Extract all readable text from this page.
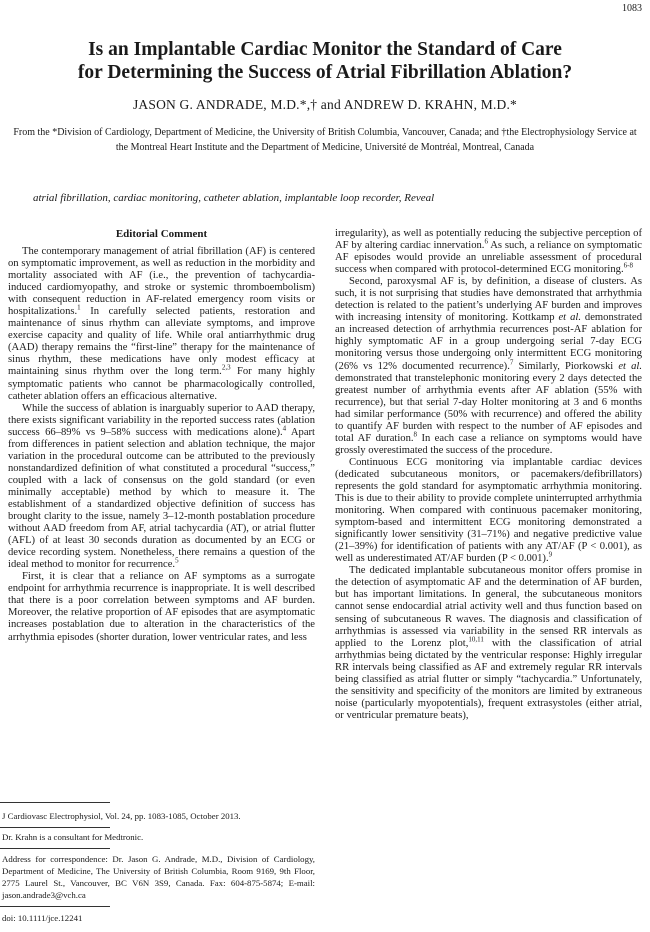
1083
Is an Implantable Cardiac Monitor the Standard of Care
for Determining the Success of Atrial Fibrillation Ablation?
JASON G. ANDRADE, M.D.*,† and ANDREW D. KRAHN, M.D.*
From the *Division of Cardiology, Department of Medicine, the University of British Columbia, Vancouver, Canada; and †the Electrophysiology Service at the Montreal Heart Institute and the Department of Medicine, Université de Montréal, Montreal, Canada
atrial fibrillation, cardiac monitoring, catheter ablation, implantable loop recorder, Reveal
Editorial Comment

The contemporary management of atrial fibrillation (AF) is centered on symptomatic improvement, as well as reduction in the morbidity and mortality associated with AF (i.e., the prevention of tachycardia-induced cardiomyopathy, and stroke or systemic thromboembolism) with consequent reduction in AF-related emergency room visits or hospitalizations.$^1$ In carefully selected patients, restoration and maintenance of sinus rhythm can alleviate symptoms, and improve exercise capacity and quality of life. While oral antiarrhythmic drug (AAD) therapy remains the “first-line” therapy for the maintenance of sinus rhythm, these medications have only modest efficacy at maintaining sinus rhythm over the long term.$^{2,3}$ For many highly symptomatic patients who cannot be pharmacologically controlled, catheter ablation offers an efficacious alternative.

While the success of ablation is inarguably superior to AAD therapy, there exists significant variability in the reported success rates (ablation success 66–89% vs 9–58% success with medications alone).$^4$ Apart from differences in patient selection and ablation technique, the major variation in the procedural outcome can be attributed to the previously nonstandardized definition of what constituted a procedural “success,” coupled with a lack of consensus on the gold standard (or even minimally acceptable) method by which to measure it. The establishment of a standardized objective definition of success has brought clarity to the issue, namely 3–12-month postablation procedure without AAD freedom from AF, atrial tachycardia (AT), or atrial flutter (AFL) of at least 30 seconds duration as documented by an ECG or device recording system. Nonetheless, there remains a question of the ideal method to monitor for recurrence.$^5$

First, it is clear that a reliance on AF symptoms as a surrogate endpoint for arrhythmia recurrence is inappropriate. It is well described that there is a poor correlation between symptoms and AF burden. Moreover, the relative proportion of AF episodes that are asymptomatic increases postablation due to alteration in the characteristics of the arrhythmia episodes (shorter duration, lower ventricular rates, and less

irregularity), as well as potentially reducing the subjective perception of AF by altering cardiac innervation.$^6$ As such, a reliance on symptomatic AF episodes would provide an unreliable assessment of procedural success when compared with protocol-determined ECG monitoring.$^{6-8}$

Second, paroxysmal AF is, by definition, a disease of clusters. As such, it is not surprising that studies have demonstrated that arrhythmia detection is related to the patient’s underlying AF burden and improves with increasing intensity of monitoring. Kottkamp et al. demonstrated an increased detection of arrhythmia recurrences post-AF ablation for highly symptomatic AF in a group undergoing serial 7-day ECG monitoring versus those undergoing only intermittent ECG monitoring (26% vs 12% documented recurrence).$^7$ Similarly, Piorkowski et al. demonstrated that transtelephonic monitoring every 2 days detected the greatest number of arrhythmia events after AF ablation (55% with recurrence), but that serial 7-day Holter monitoring at 3 and 6 months had similar performance (50% with recurrence) and offered the ability to quantify AF burden with respect to the number of AF episodes and total AF duration.$^8$ In each case a reliance on symptoms would have grossly overestimated the success of the procedure.

Continuous ECG monitoring via implantable cardiac devices (dedicated subcutaneous monitors, or pacemakers/defibrillators) represents the gold standard for asymptomatic arrhythmia monitoring. This is due to their ability to provide complete uninterrupted arrhythmia monitoring. When compared with continuous pacemaker monitoring, symptom-based and intermittent ECG monitoring demonstrated a significantly lower sensitivity (31–71%) and negative predictive value (21–39%) for identification of patients with any AT/AF (P < 0.001), as well as underestimated AT/AF burden (P < 0.001).$^9$

The dedicated implantable subcutaneous monitor offers promise in the detection of asymptomatic AF and the determination of AF burden, but has important limitations. In general, the subcutaneous monitors cannot sense endocardial atrial activity well and thus function based on sensing of subcutaneous R waves. The diagnosis and classification of arrhythmias is assessed via variability in the sensed RR intervals as applied to the Lorenz plot,$^{10,11}$ with the classification of atrial arrhythmias being dictated by the ventricular response: Highly irregular RR intervals being classified as AF and extremely regular RR intervals being classified as atrial flutter or simply “tachycardia.” Unfortunately, the sensitivity and specificity of the monitors are limited by extraneous noise (particularly myopotentials), frequent extrasystoles (either atrial, or ventricular premature beats),

J Cardiovasc Electrophysiol, Vol. 24, pp. 1083-1085, October 2013.

Dr. Krahn is a consultant for Medtronic.

Address for correspondence: Dr. Jason G. Andrade, M.D., Division of Cardiology, Department of Medicine, The University of British Columbia, Room 9169, 9th Floor, 2775 Laurel St., Vancouver, BC V6N 3S9, Canada. Fax: 604-875-5874; E-mail: jason.andrade3@vch.ca

doi: 10.1111/jce.12241
